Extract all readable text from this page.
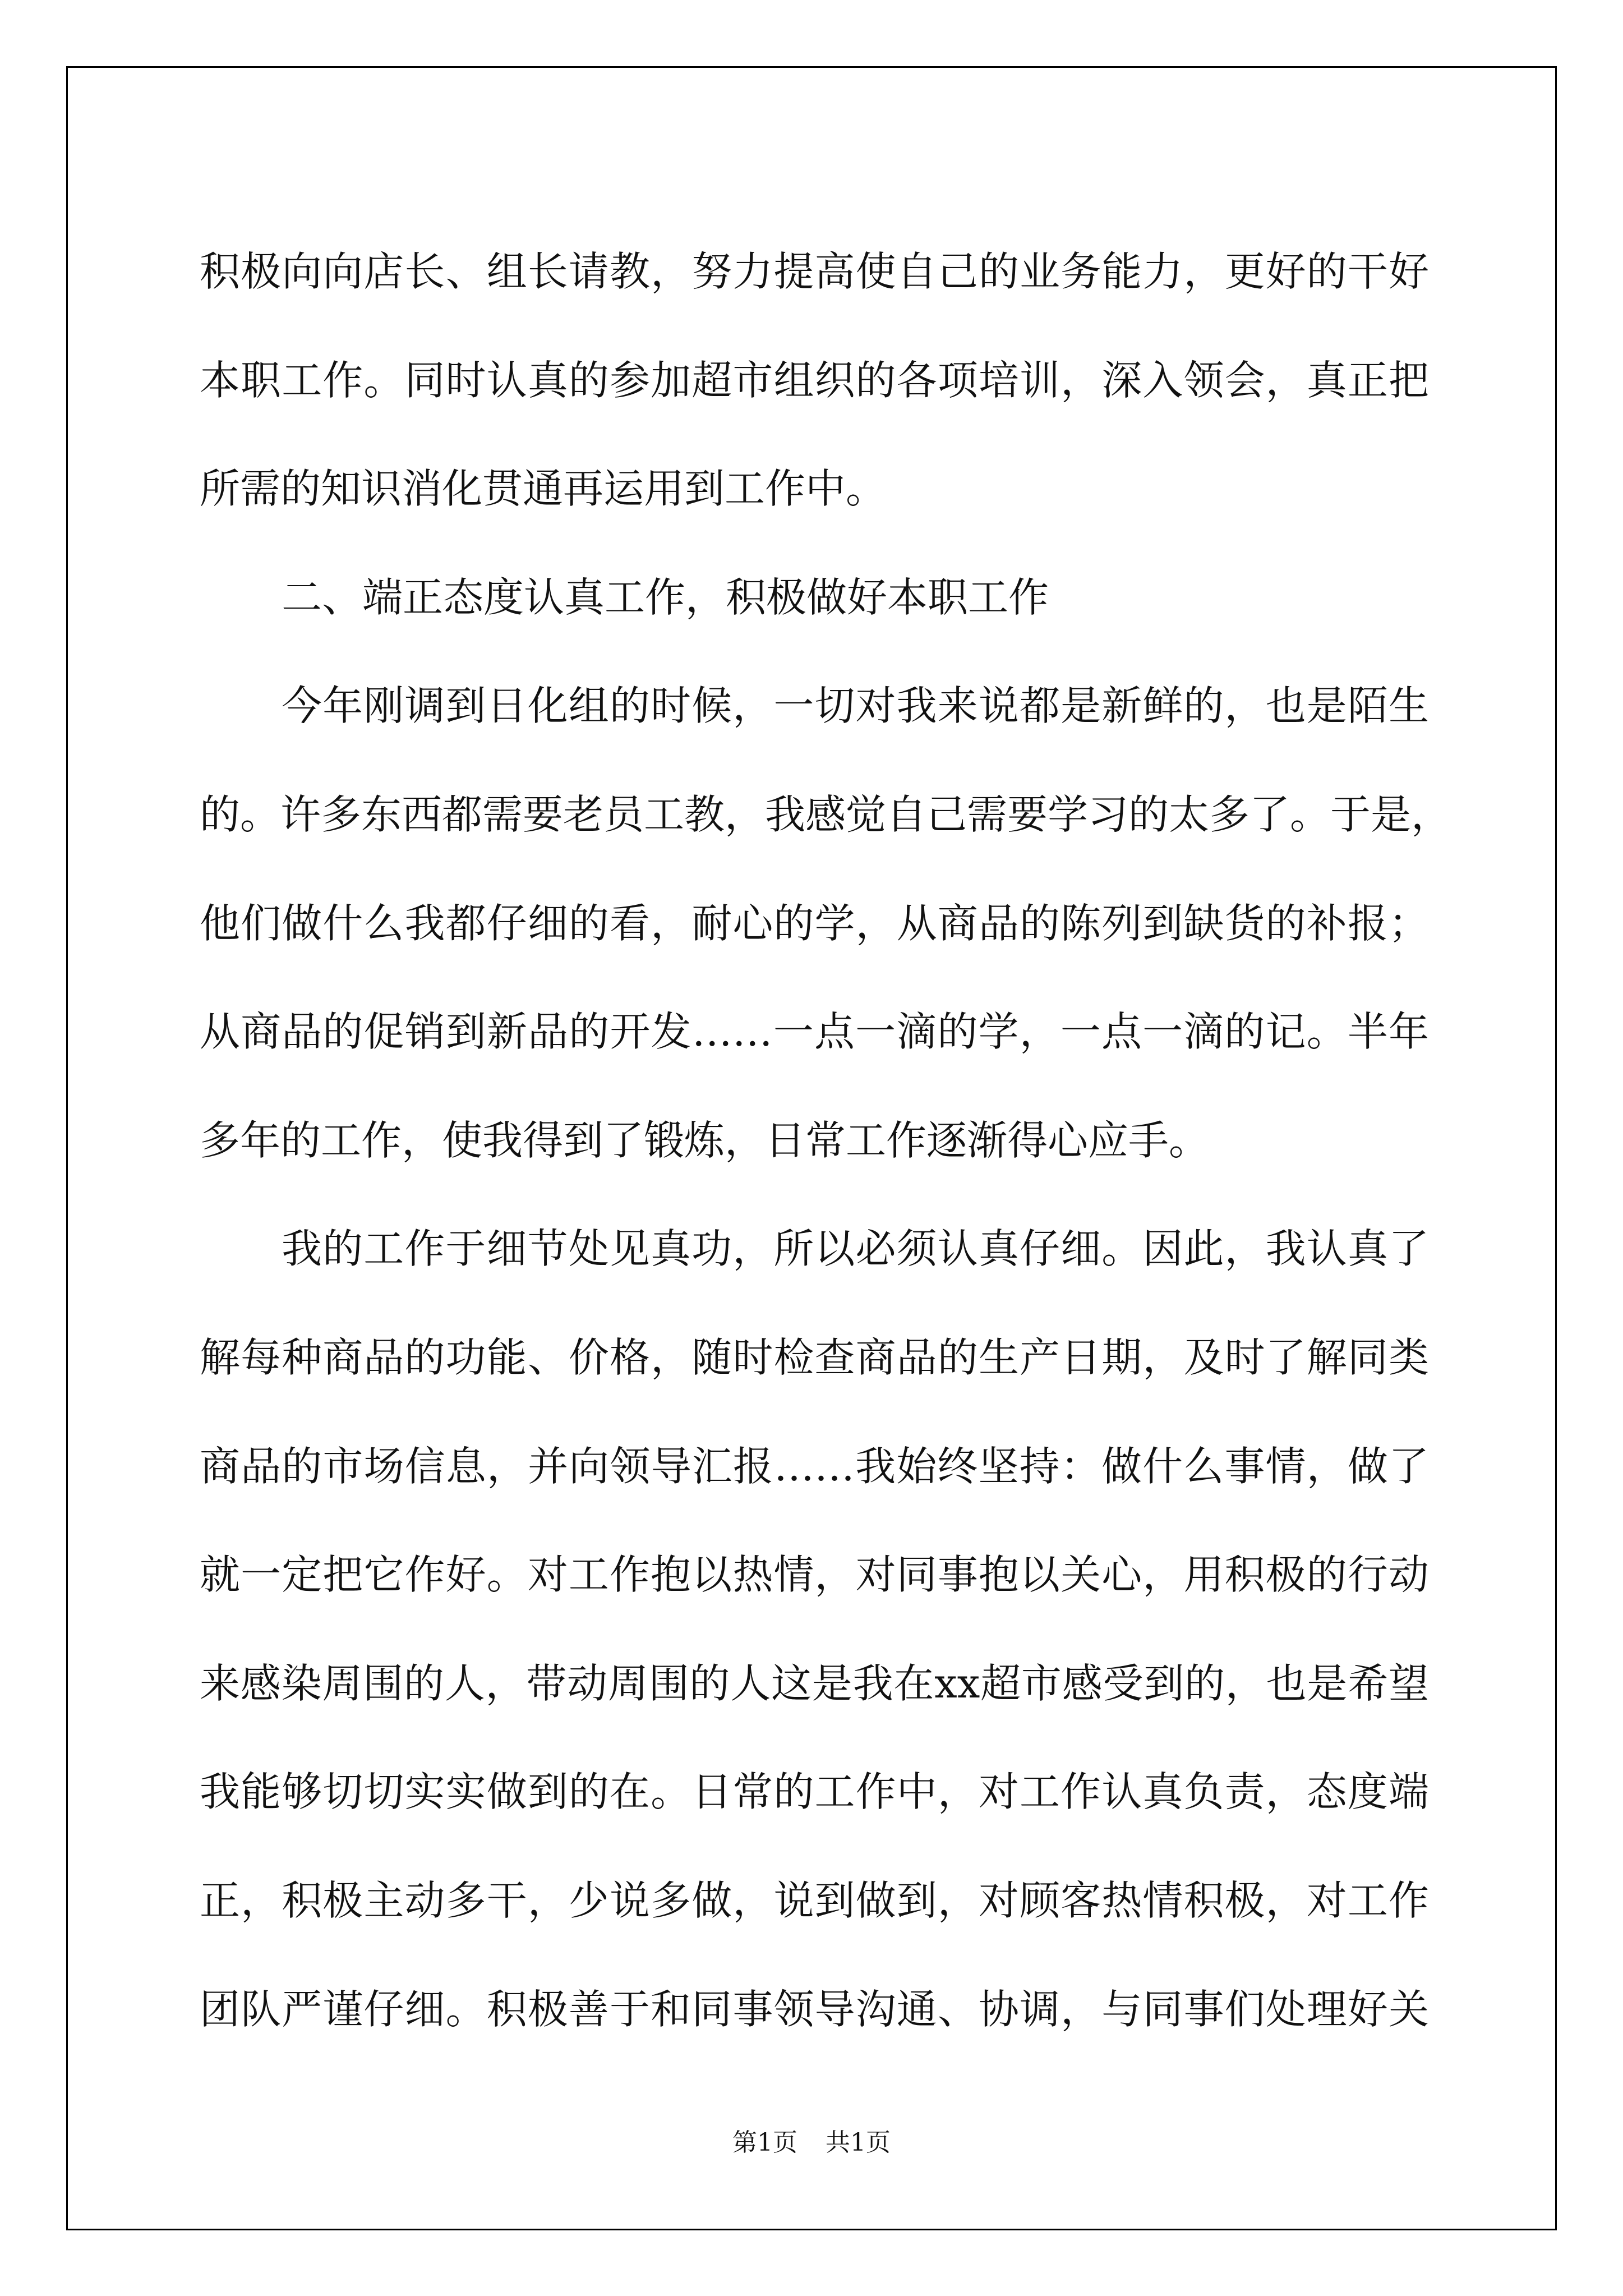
积极向向店长、组长请教，努力提高使自己的业务能力，更好的干好
本职工作。同时认真的参加超市组织的各项培训，深入领会，真正把
所需的知识消化贯通再运用到工作中。
二、端正态度认真工作，积极做好本职工作
今年刚调到日化组的时候，一切对我来说都是新鲜的，也是陌生
的。许多东西都需要老员工教，我感觉自己需要学习的太多了。于是，
他们做什么我都仔细的看，耐心的学，从商品的陈列到缺货的补报；
从商品的促销到新品的开发……一点一滴的学，一点一滴的记。半年
多年的工作，使我得到了锻炼，日常工作逐渐得心应手。
我的工作于细节处见真功，所以必须认真仔细。因此，我认真了
解每种商品的功能、价格，随时检查商品的生产日期，及时了解同类
商品的市场信息，并向领导汇报……我始终坚持：做什么事情，做了
就一定把它作好。对工作抱以热情，对同事抱以关心，用积极的行动
来感染周围的人，带动周围的人这是我在xx超市感受到的，也是希望
我能够切切实实做到的在。日常的工作中，对工作认真负责，态度端
正，积极主动多干，少说多做，说到做到，对顾客热情积极，对工作
团队严谨仔细。积极善于和同事领导沟通、协调，与同事们处理好关
第1页 共1页
